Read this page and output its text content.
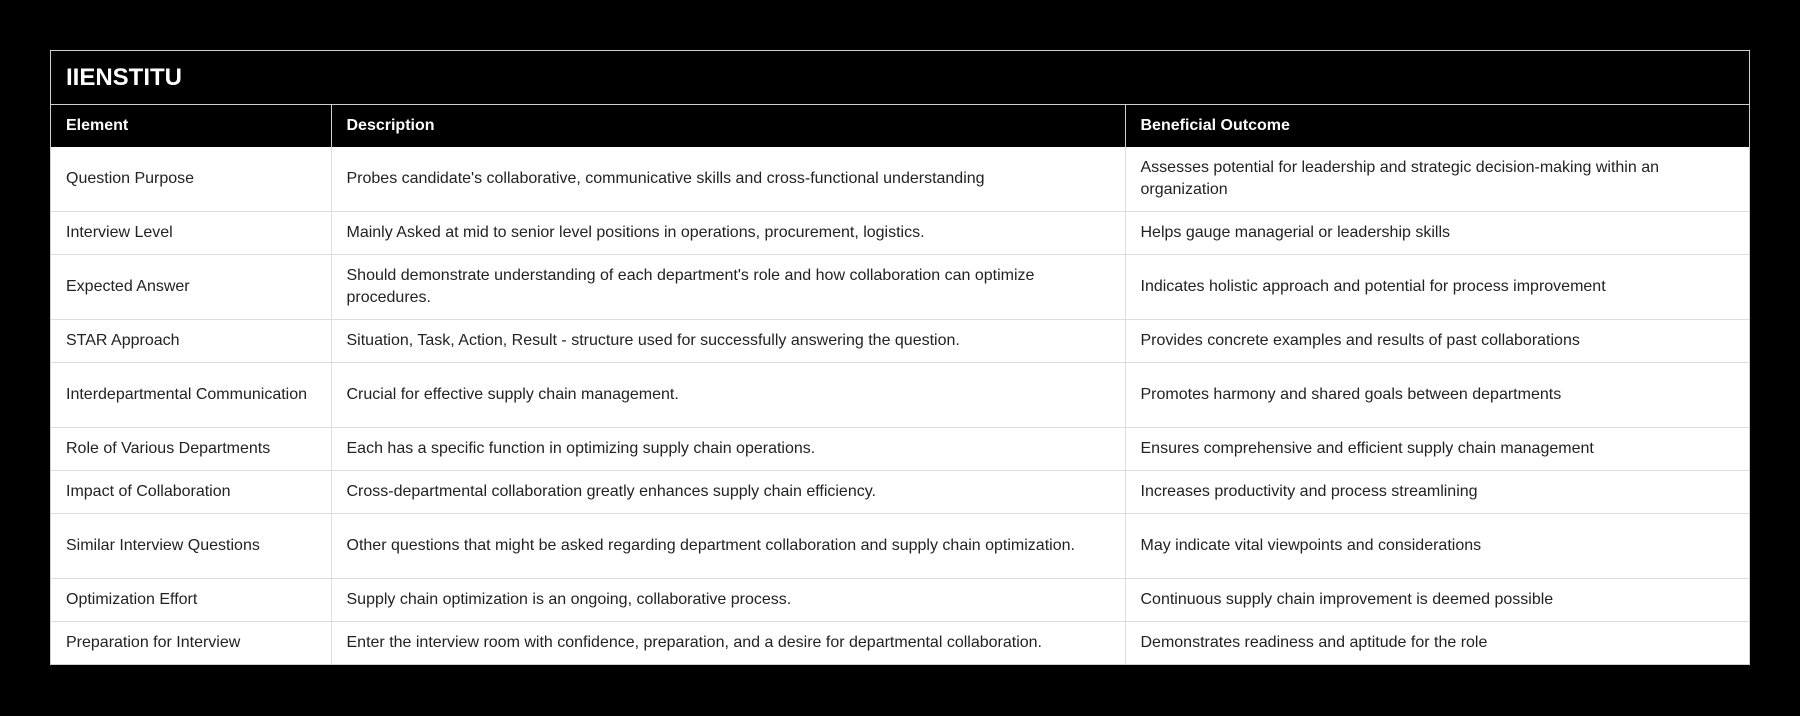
IIENSTITU
Element	Description	Beneficial Outcome
Question Purpose	Probes candidate's collaborative, communicative skills and cross-functional understanding	Assesses potential for leadership and strategic decision-making within an organization
Interview Level	Mainly Asked at mid to senior level positions in operations, procurement, logistics.	Helps gauge managerial or leadership skills
Expected Answer	Should demonstrate understanding of each department's role and how collaboration can optimize procedures.	Indicates holistic approach and potential for process improvement
STAR Approach	Situation, Task, Action, Result - structure used for successfully answering the question.	Provides concrete examples and results of past collaborations
Interdepartmental Communication	Crucial for effective supply chain management.	Promotes harmony and shared goals between departments
Role of Various Departments	Each has a specific function in optimizing supply chain operations.	Ensures comprehensive and efficient supply chain management
Impact of Collaboration	Cross-departmental collaboration greatly enhances supply chain efficiency.	Increases productivity and process streamlining
Similar Interview Questions	Other questions that might be asked regarding department collaboration and supply chain optimization.	May indicate vital viewpoints and considerations
Optimization Effort	Supply chain optimization is an ongoing, collaborative process.	Continuous supply chain improvement is deemed possible
Preparation for Interview	Enter the interview room with confidence, preparation, and a desire for departmental collaboration.	Demonstrates readiness and aptitude for the role
